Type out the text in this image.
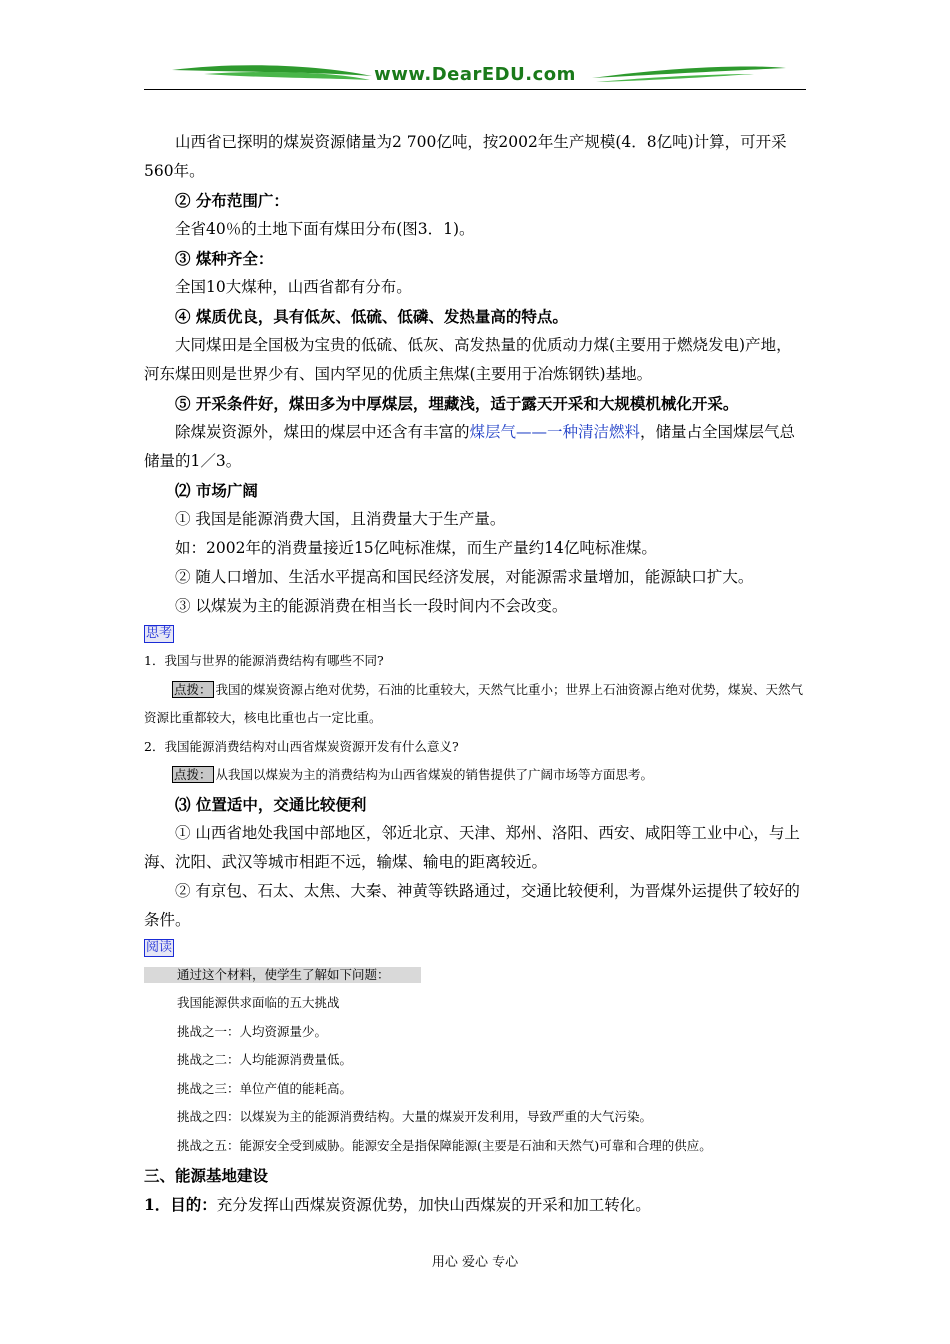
www.DearEDU.com

山西省已探明的煤炭资源储量为2 700亿吨，按2002年生产规模(4．8亿吨)计算，可开采560年。

② 分布范围广：

全省40％的土地下面有煤田分布(图3．1)。

③ 煤种齐全：

全国10大煤种，山西省都有分布。

④ 煤质优良，具有低灰、低硫、低磷、发热量高的特点。

大同煤田是全国极为宝贵的低硫、低灰、高发热量的优质动力煤(主要用于燃烧发电)产地，河东煤田则是世界少有、国内罕见的优质主焦煤(主要用于冶炼钢铁)基地。

⑤ 开采条件好，煤田多为中厚煤层，埋藏浅，适于露天开采和大规模机械化开采。

除煤炭资源外，煤田的煤层中还含有丰富的煤层气——一种清洁燃料，储量占全国煤层气总储量的1／3。

⑵ 市场广阔

① 我国是能源消费大国，且消费量大于生产量。

如：2002年的消费量接近15亿吨标准煤，而生产量约14亿吨标准煤。

② 随人口增加、生活水平提高和国民经济发展，对能源需求量增加，能源缺口扩大。

③ 以煤炭为主的能源消费在相当长一段时间内不会改变。

思考

1．我国与世界的能源消费结构有哪些不同?

点拨： 我国的煤炭资源占绝对优势，石油的比重较大，天然气比重小；世界上石油资源占绝对优势，煤炭、天然气资源比重都较大，核电比重也占一定比重。

2．我国能源消费结构对山西省煤炭资源开发有什么意义?

点拨： 从我国以煤炭为主的消费结构为山西省煤炭的销售提供了广阔市场等方面思考。

⑶ 位置适中，交通比较便利

① 山西省地处我国中部地区，邻近北京、天津、郑州、洛阳、西安、咸阳等工业中心，与上海、沈阳、武汉等城市相距不远，输煤、输电的距离较近。

② 有京包、石太、太焦、大秦、神黄等铁路通过，交通比较便利，为晋煤外运提供了较好的条件。

阅读
通过这个材料，使学生了解如下问题：

我国能源供求面临的五大挑战

挑战之一：人均资源量少。

挑战之二：人均能源消费量低。

挑战之三：单位产值的能耗高。

挑战之四：以煤炭为主的能源消费结构。大量的煤炭开发利用，导致严重的大气污染。

挑战之五：能源安全受到威胁。能源安全是指保障能源(主要是石油和天然气)可靠和合理的供应。

三、能源基地建设

1．目的：充分发挥山西煤炭资源优势，加快山西煤炭的开采和加工转化。

用心 爱心 专心
